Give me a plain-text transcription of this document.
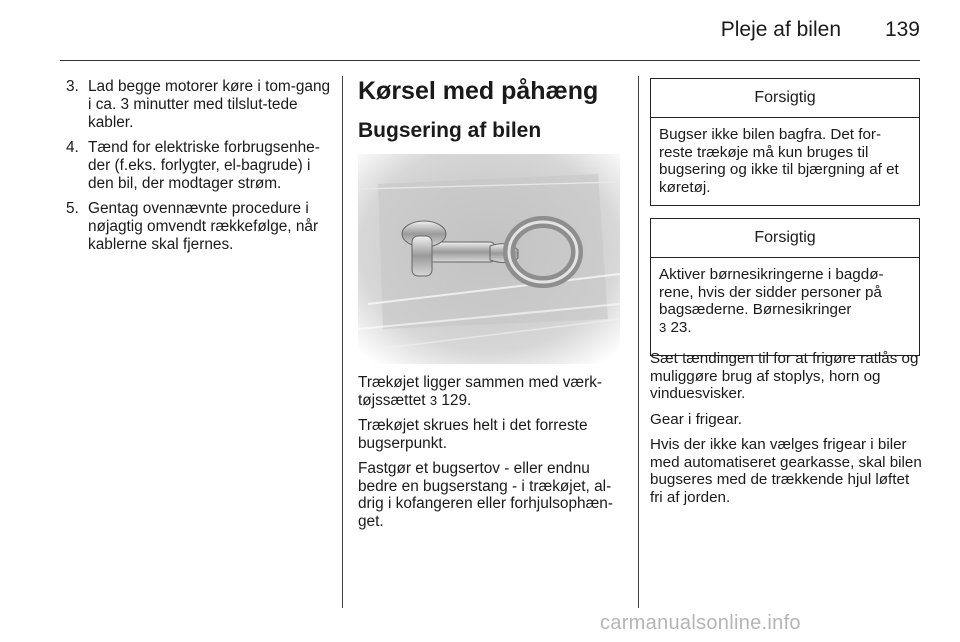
Pleje af bilen 139
3. Lad begge motorer køre i tom-gang i ca. 3 minutter med tilslut-tede kabler.
4. Tænd for elektriske forbrugsenhe-der (f.eks. forlygter, el-bagrude) i den bil, der modtager strøm.
5. Gentag ovennævnte procedure i nøjagtig omvendt rækkefølge, når kablerne skal fjernes.
Kørsel med påhæng
Bugsering af bilen

Trækøjet ligger sammen med værk-tøjssættet 3 129.

Trækøjet skrues helt i det forreste bugserpunkt.

Fastgør et bugsertov - eller endnu bedre en bugserstang - i trækøjet, al-drig i kofangeren eller forhjulsophæn-get.

Forsigtig
Bugser ikke bilen bagfra. Det for-reste trækøje må kun bruges til bugsering og ikke til bjærgning af et køretøj.
Forsigtig
Aktiver børnesikringerne i bagdø-rene, hvis der sidder personer på bagsæderne. Børnesikringer
3 23.

Sæt tændingen til for at frigøre ratlås og muliggøre brug af stoplys, horn og vinduesvisker.

Gear i frigear.

Hvis der ikke kan vælges frigear i biler med automatiseret gearkasse, skal bilen bugseres med de trækkende hjul løftet fri af jorden.

carmanualsonline.info
